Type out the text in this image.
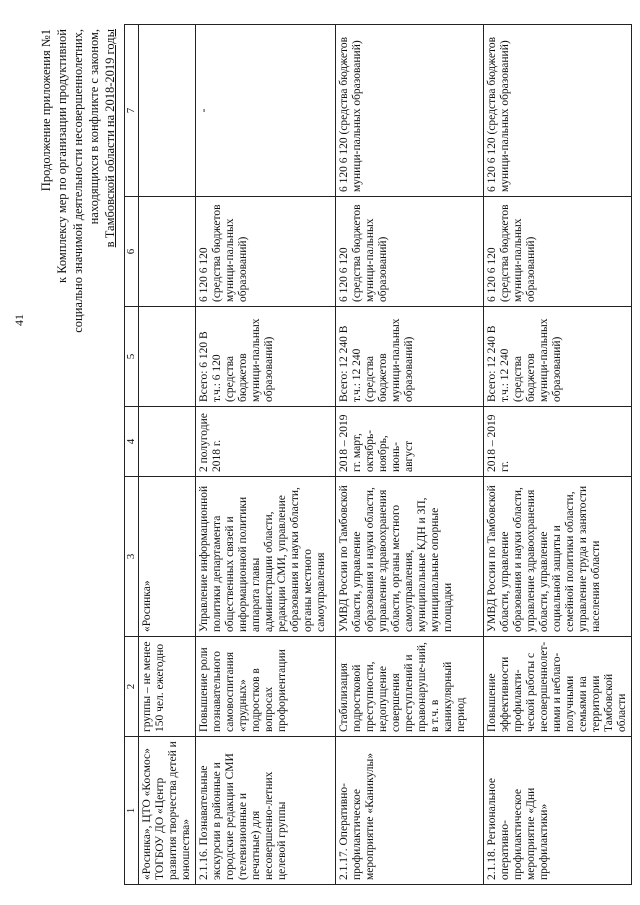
41
Продолжение приложения №1 к Комплексу мер по организации продуктивной социально значимой деятельности несовершеннолетних, находящихся в конфликте с законом, в Тамбовской области на 2018-2019 годы
1	2	3	4	5	6	7
«Росинка», ЦТО «Космос» ТОГБОУ ДО «Центр развития творчества детей и юношества»	группы – не менее 150 чел. ежегодно	«Росинка»				
2.1.16. Познавательные экскурсии в районные и городские редакции СМИ (телевизионные и печатные) для несовершенно-летних целевой группы	Повышение роли познавательного самовоспитания «трудных» подростков в вопросах профориентации	Управление информационной политики департамента общественных связей и информационной политики аппарата главы администрации области, редакции СМИ, управление образования и науки области, органы местного самоуправления	2 полугодие 2018 г.	Всего: 6 120 В т.ч.: 6 120 (средства бюджетов муници-пальных образований)	6 120 6 120 (средства бюджетов муници-пальных образований)	-
2.1.17. Оперативно-профилактическое мероприятие «Каникулы»	Стабилизация подростковой преступности, недопущение совершения преступлений и правонаруше-ний, в т.ч. в каникулярный период	УМВД России по Тамбовской области, управление образования и науки области, управление здравоохранения области, органы местного самоуправления, муниципальные КДН и ЗП, муниципальные опорные площадки	2018 – 2019 гг. март, октябрь-ноябрь, июнь-август	Всего: 12 240 В т.ч.: 12 240 (средства бюджетов муници-пальных образований)	6 120 6 120 (средства бюджетов муници-пальных образований)	6 120 6 120 (средства бюджетов муници-пальных образований)
2.1.18. Региональное оперативно-профилактическое мероприятие «Дни профилактики»	Повышение эффективности профилакти-ческой работы с несовершеннолет-ними и неблаго-получными семьями на территории Тамбовской области	УМВД России по Тамбовской области, управление образования и науки области, управление здравоохранения области, управление социальной защиты и семейной политики области, управление труда и занятости населения области	2018 – 2019 гг.	Всего: 12 240 В т.ч.: 12 240 (средства бюджетов муници-пальных образований)	6 120 6 120 (средства бюджетов муници-пальных образований)	6 120 6 120 (средства бюджетов муници-пальных образований)
